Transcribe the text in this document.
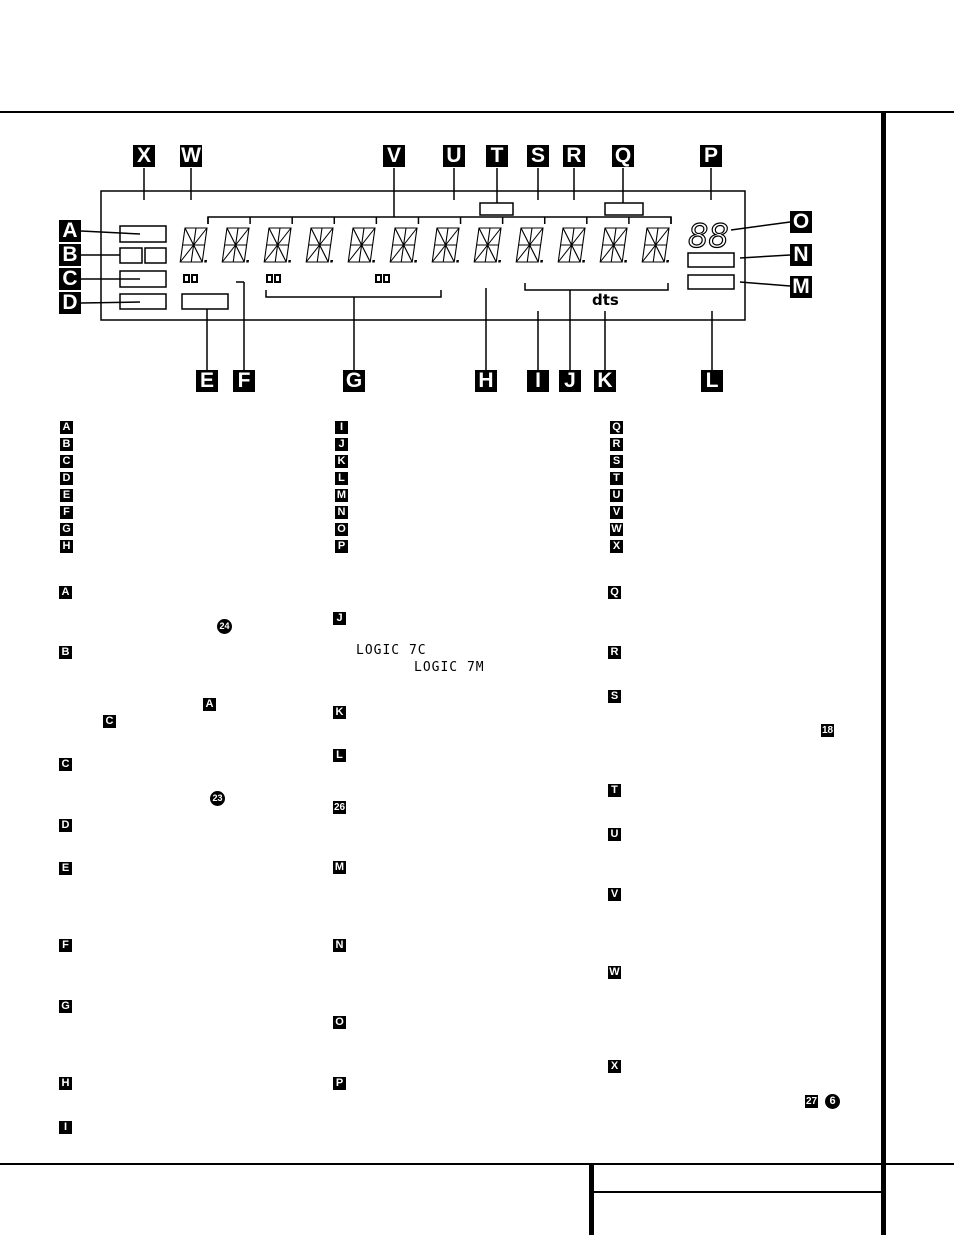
88
dts
X W	V U T S R Q	P
O
N
M
A
B
C
D
E F	G	H	I	J K	L
A
B
C
D
E
F
G
H
I
J
K
L
M
N
O
P
Q
R
S
T
U
V
W
X
A
B
C
D
E
F
G
H
I
J
K
L
26
M
N
O
P
Q
R
S
T
U
V
W
X
24
A
C
23
18
27	6
LOGIC 7C
LOGIC 7M
